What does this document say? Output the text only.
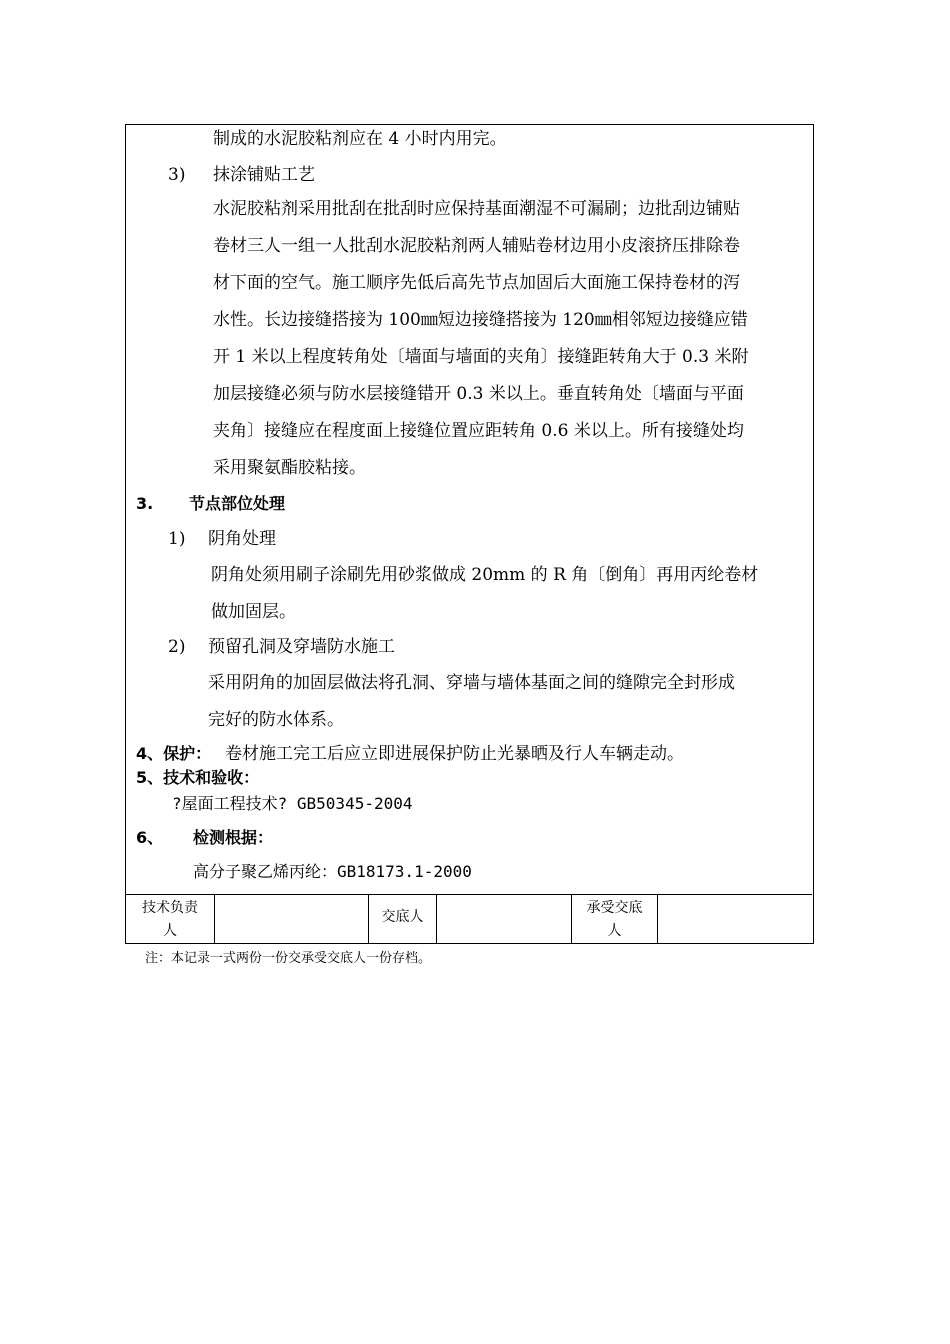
制成的水泥胶粘剂应在 4 小时内用完。
3) 抹涂铺贴工艺
水泥胶粘剂采用批刮在批刮时应保持基面潮湿不可漏刷；边批刮边铺贴
卷材三人一组一人批刮水泥胶粘剂两人辅贴卷材边用小皮滚挤压排除卷
材下面的空气。施工顺序先低后高先节点加固后大面施工保持卷材的泻
水性。长边接缝搭接为 100㎜短边接缝搭接为 120㎜相邻短边接缝应错
开 1 米以上程度转角处〔墙面与墙面的夹角〕接缝距转角大于 0.3 米附
加层接缝必须与防水层接缝错开 0.3 米以上。垂直转角处〔墙面与平面
夹角〕接缝应在程度面上接缝位置应距转角 0.6 米以上。所有接缝处均
采用聚氨酯胶粘接。
3. 节点部位处理
1) 阴角处理
阴角处须用刷子涂刷先用砂浆做成 20mm 的 R 角〔倒角〕再用丙纶卷材
做加固层。
2) 预留孔洞及穿墙防水施工
采用阴角的加固层做法将孔洞、穿墙与墙体基面之间的缝隙完全封形成
完好的防水体系。
4、保护： 卷材施工完工后应立即进展保护防止光暴晒及行人车辆走动。
5、技术和验收：
?屋面工程技术? GB50345-2004
6、 检测根据：
高分子聚乙烯丙纶：GB18173.1-2000
技术负责人
交底人
承受交底人
注：本记录一式两份一份交承受交底人一份存档。
